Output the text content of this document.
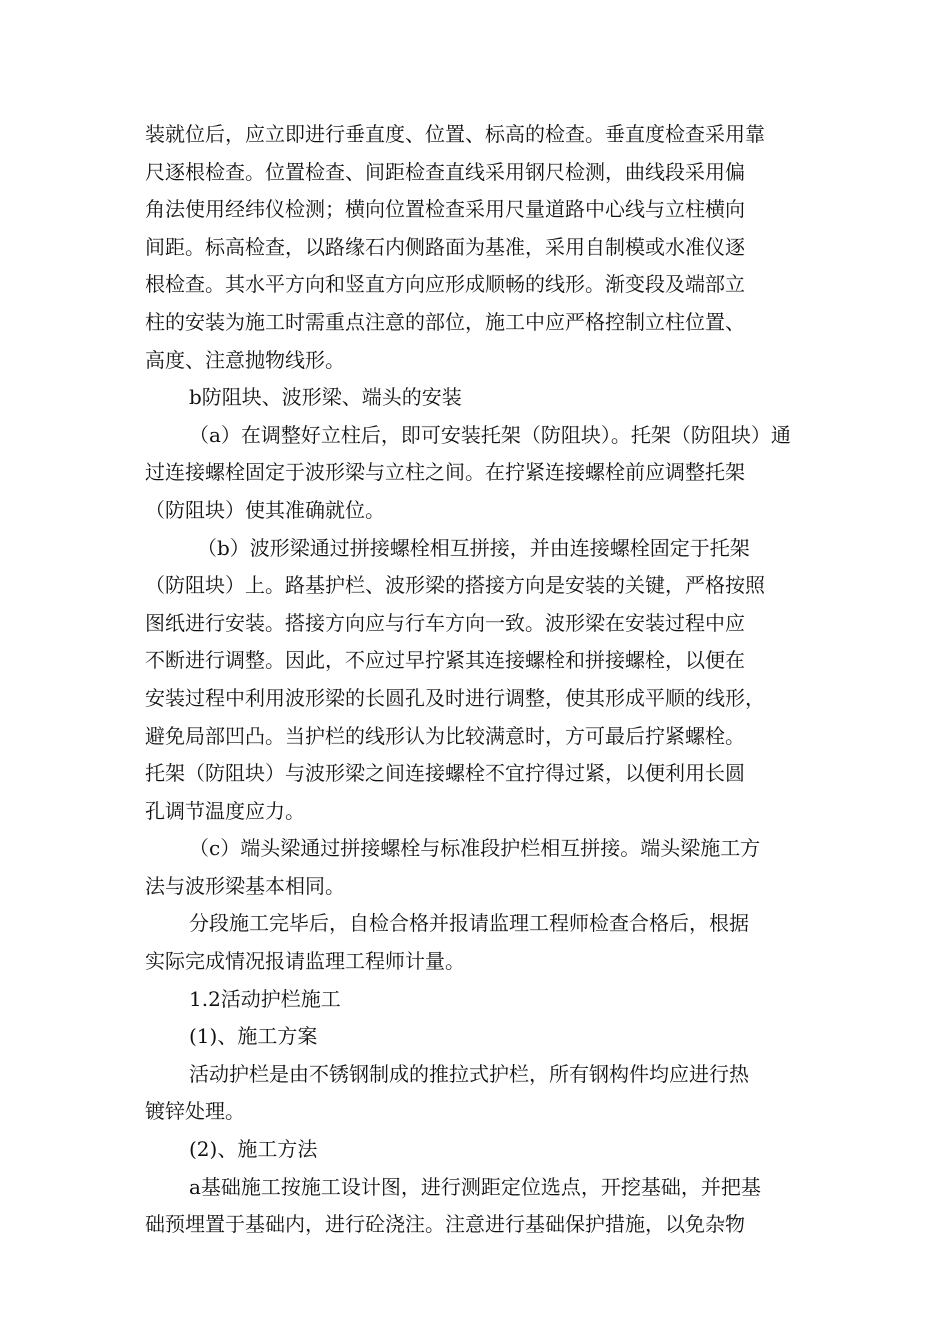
装就位后，应立即进行垂直度、位置、标高的检查。垂直度检查采用靠
尺逐根检查。位置检查、间距检查直线采用钢尺检测，曲线段采用偏
角法使用经纬仪检测；横向位置检查采用尺量道路中心线与立柱横向
间距。标高检查，以路缘石内侧路面为基准，采用自制模或水准仪逐
根检查。其水平方向和竖直方向应形成顺畅的线形。渐变段及端部立
柱的安装为施工时需重点注意的部位，施工中应严格控制立柱位置、
高度、注意抛物线形。
b防阻块、波形梁、端头的安装
（a）在调整好立柱后，即可安装托架（防阻块）。托架（防阻块）通
过连接螺栓固定于波形梁与立柱之间。在拧紧连接螺栓前应调整托架
（防阻块）使其准确就位。
（b）波形梁通过拼接螺栓相互拼接，并由连接螺栓固定于托架
（防阻块）上。路基护栏、波形梁的搭接方向是安装的关键，严格按照
图纸进行安装。搭接方向应与行车方向一致。波形梁在安装过程中应
不断进行调整。因此，不应过早拧紧其连接螺栓和拼接螺栓，以便在
安装过程中利用波形梁的长圆孔及时进行调整，使其形成平顺的线形，
避免局部凹凸。当护栏的线形认为比较满意时，方可最后拧紧螺栓。
托架（防阻块）与波形梁之间连接螺栓不宜拧得过紧，以便利用长圆
孔调节温度应力。
（c）端头梁通过拼接螺栓与标准段护栏相互拼接。端头梁施工方
法与波形梁基本相同。
分段施工完毕后，自检合格并报请监理工程师检查合格后，根据
实际完成情况报请监理工程师计量。
1.2活动护栏施工
(1)、施工方案
活动护栏是由不锈钢制成的推拉式护栏，所有钢构件均应进行热
镀锌处理。
(2)、施工方法
a基础施工按施工设计图，进行测距定位选点，开挖基础，并把基
础预埋置于基础内，进行砼浇注。注意进行基础保护措施，以免杂物
